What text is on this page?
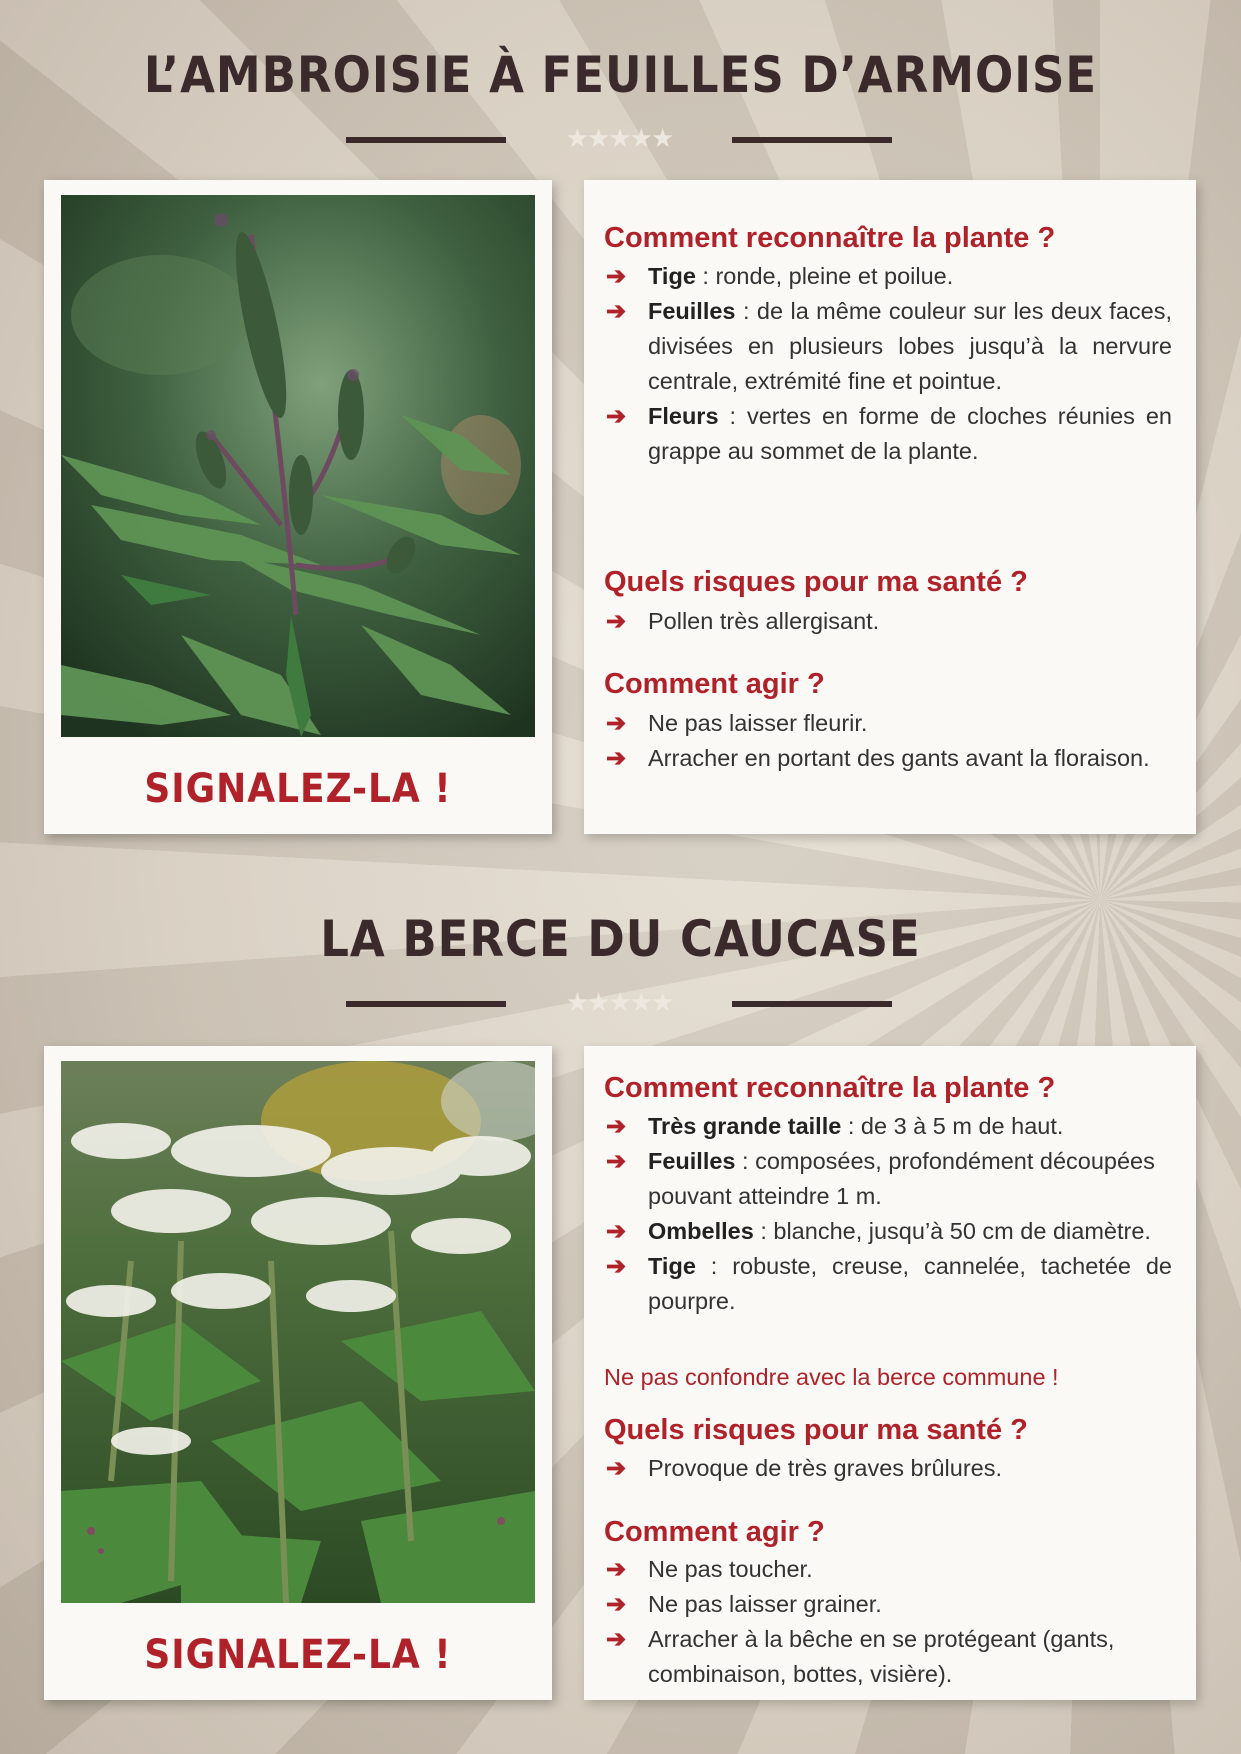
L’AMBROISIE À FEUILLES D’ARMOISE
★★★★★
SIGNALEZ-LA !
Comment reconnaître la plante ?
➔ Tige : ronde, pleine et poilue.
➔ Feuilles : de la même couleur sur les deux faces, divisées en plusieurs lobes jusqu’à la nervure centrale, extrémité fine et pointue.
➔ Fleurs : vertes en forme de cloches réunies en grappe au sommet de la plante.
Quels risques pour ma santé ?
➔ Pollen très allergisant.
Comment agir ?
➔ Ne pas laisser fleurir.
➔ Arracher en portant des gants avant la floraison.
LA BERCE DU CAUCASE
★★★★★
SIGNALEZ-LA !
Comment reconnaître la plante ?
➔ Très grande taille : de 3 à 5 m de haut.
➔ Feuilles : composées, profondément découpées pouvant atteindre 1 m.
➔ Ombelles : blanche, jusqu’à 50 cm de diamètre.
➔ Tige : robuste, creuse, cannelée, tachetée de pourpre.
Ne pas confondre avec la berce commune !
Quels risques pour ma santé ?
➔ Provoque de très graves brûlures.
Comment agir ?
➔ Ne pas toucher.
➔ Ne pas laisser grainer.
➔ Arracher à la bêche en se protégeant (gants, combinaison, bottes, visière).
